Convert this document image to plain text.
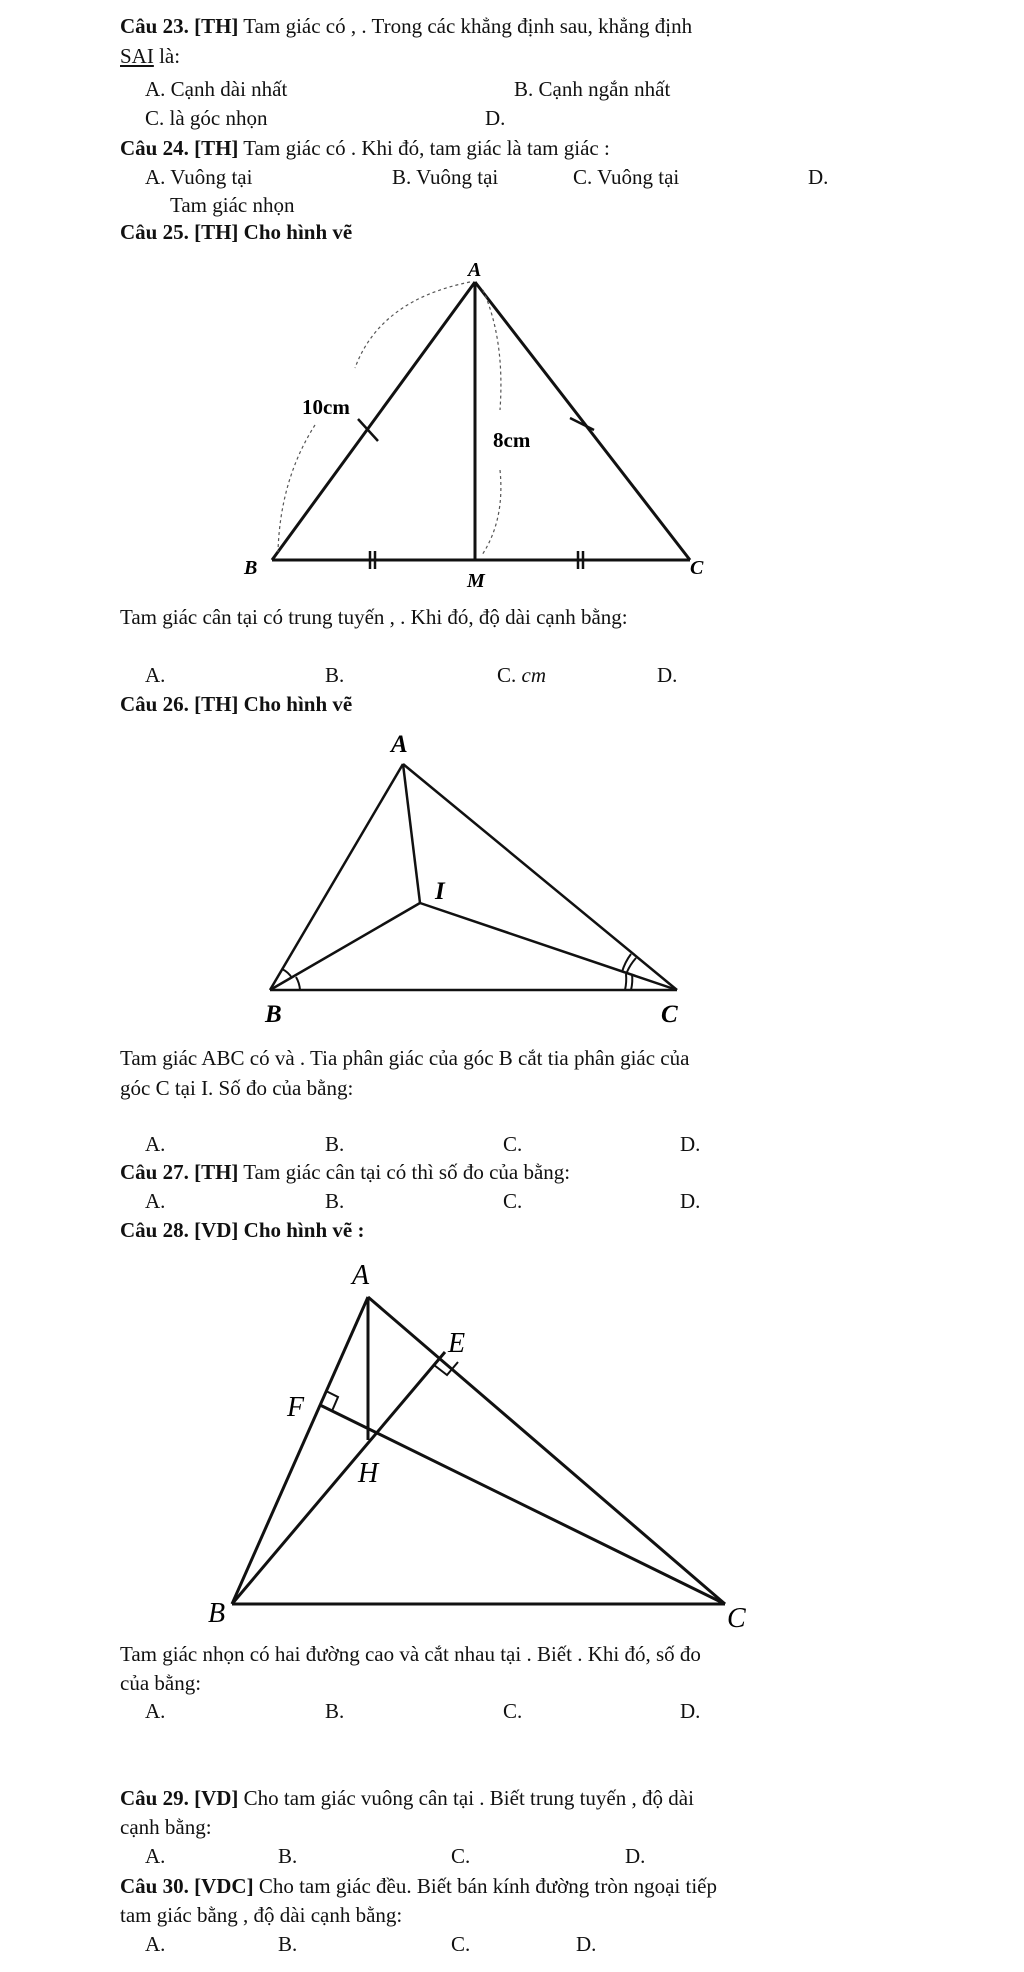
Câu 23. [TH] Tam giác có , . Trong các khẳng định sau, khẳng định
SAI là:
A. Cạnh dài nhất	B. Cạnh ngắn nhất
C. là góc nhọn	D.
Câu 24. [TH] Tam giác có . Khi đó, tam giác là tam giác :
A. Vuông tại	B. Vuông tại	C. Vuông tại	D.
Tam giác nhọn
Câu 25. [TH] Cho hình vẽ
A
B	C
M
10cm
8cm
Tam giác cân tại có trung tuyến , . Khi đó, độ dài cạnh bằng:
A.	B.	C. cm	D.
Câu 26. [TH] Cho hình vẽ
A
B	C
I
Tam giác ABC có và . Tia phân giác của góc B cắt tia phân giác của
góc C tại I. Số đo của bằng:
A.	B.	C.	D.
Câu 27. [TH] Tam giác cân tại có thì số đo của bằng:
A.	B.	C.	D.
Câu 28. [VD] Cho hình vẽ :
A
B	C
E
F
H
Tam giác nhọn có hai đường cao và cắt nhau tại . Biết . Khi đó, số đo
của bằng:
A.	B.	C.	D.
Câu 29. [VD] Cho tam giác vuông cân tại . Biết trung tuyến , độ dài
cạnh bằng:
A.	B.	C.	D.
Câu 30. [VDC] Cho tam giác đều. Biết bán kính đường tròn ngoại tiếp
tam giác bằng , độ dài cạnh bằng:
A.	B.	C.	D.
